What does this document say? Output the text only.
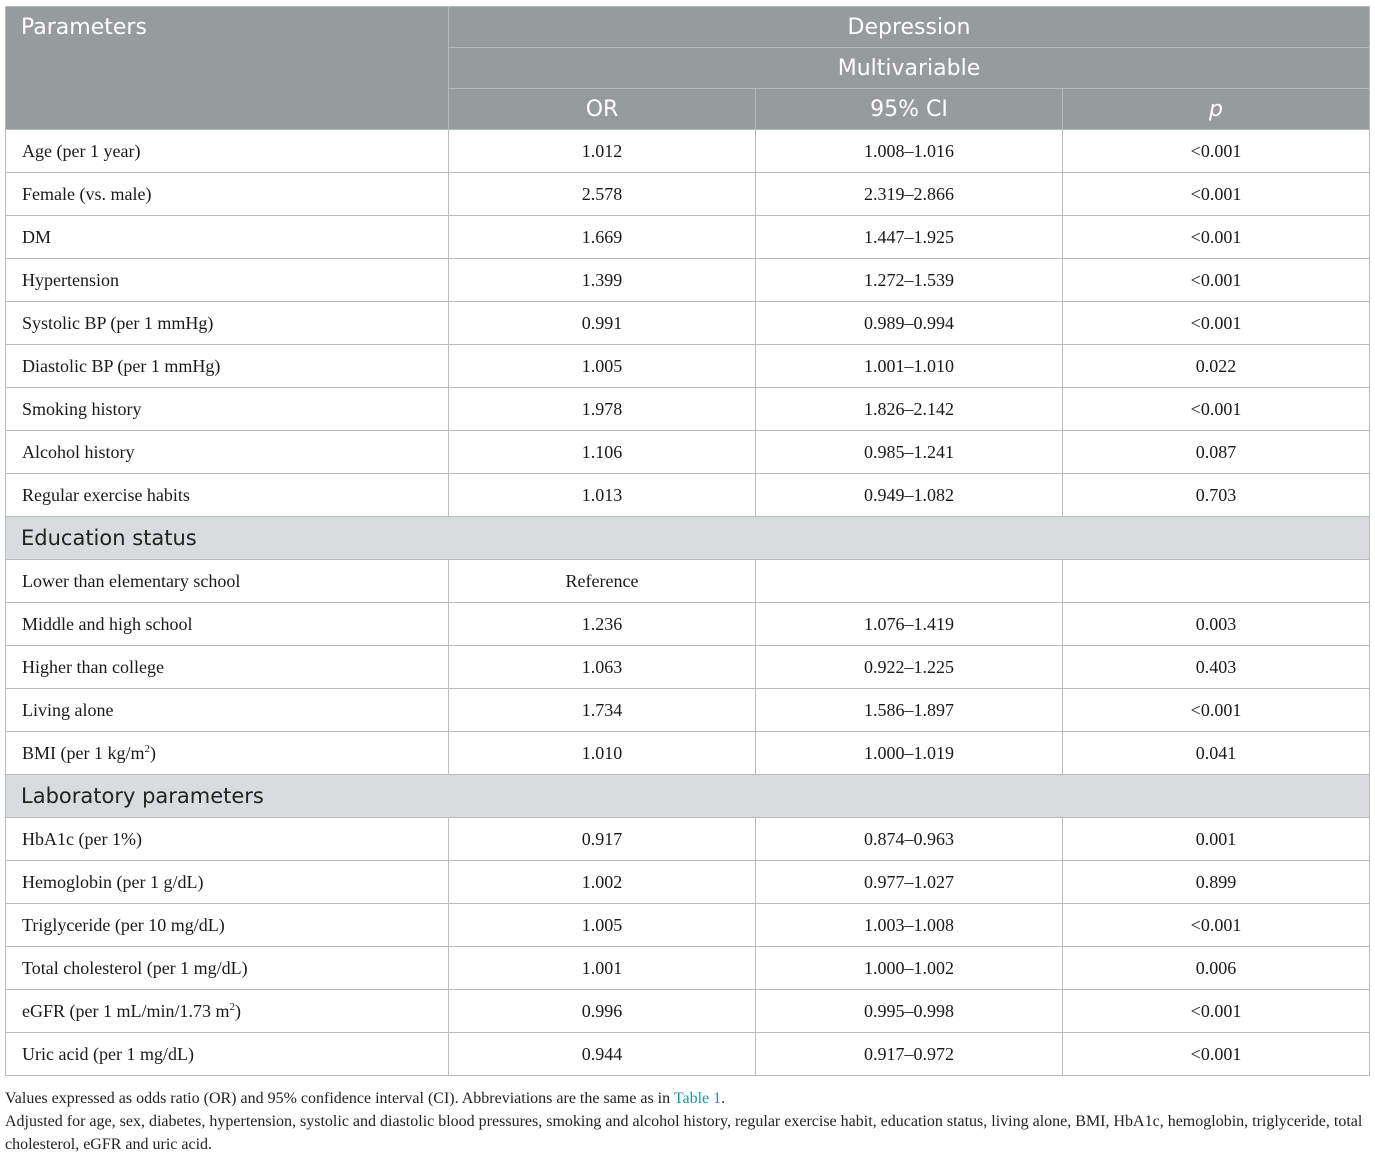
Parameters	Depression		
	Multivariable		
	OR	95% CI	p
Age (per 1 year)	1.012	1.008–1.016	<0.001
Female (vs. male)	2.578	2.319–2.866	<0.001
DM	1.669	1.447–1.925	<0.001
Hypertension	1.399	1.272–1.539	<0.001
Systolic BP (per 1 mmHg)	0.991	0.989–0.994	<0.001
Diastolic BP (per 1 mmHg)	1.005	1.001–1.010	0.022
Smoking history	1.978	1.826–2.142	<0.001
Alcohol history	1.106	0.985–1.241	0.087
Regular exercise habits	1.013	0.949–1.082	0.703
Education status			
Lower than elementary school	Reference		
Middle and high school	1.236	1.076–1.419	0.003
Higher than college	1.063	0.922–1.225	0.403
Living alone	1.734	1.586–1.897	<0.001
BMI (per 1 $kg/m^2$)	1.010	1.000–1.019	0.041
Laboratory parameters			
HbA1c (per 1%)	0.917	0.874–0.963	0.001
Hemoglobin (per 1 g/dL)	1.002	0.977–1.027	0.899
Triglyceride (per 10 mg/dL)	1.005	1.003–1.008	<0.001
Total cholesterol (per 1 mg/dL)	1.001	1.000–1.002	0.006
eGFR (per 1 mL/min/1.73 $m^2$)	0.996	0.995–0.998	<0.001
Uric acid (per 1 mg/dL)	0.944	0.917–0.972	<0.001

Values expressed as odds ratio (OR) and 95% confidence interval (CI). Abbreviations are the same as in Table 1.

Adjusted for age, sex, diabetes, hypertension, systolic and diastolic blood pressures, smoking and alcohol history, regular exercise habit, education status, living alone, BMI, HbA1c, hemoglobin, triglyceride, total cholesterol, eGFR and uric acid.
